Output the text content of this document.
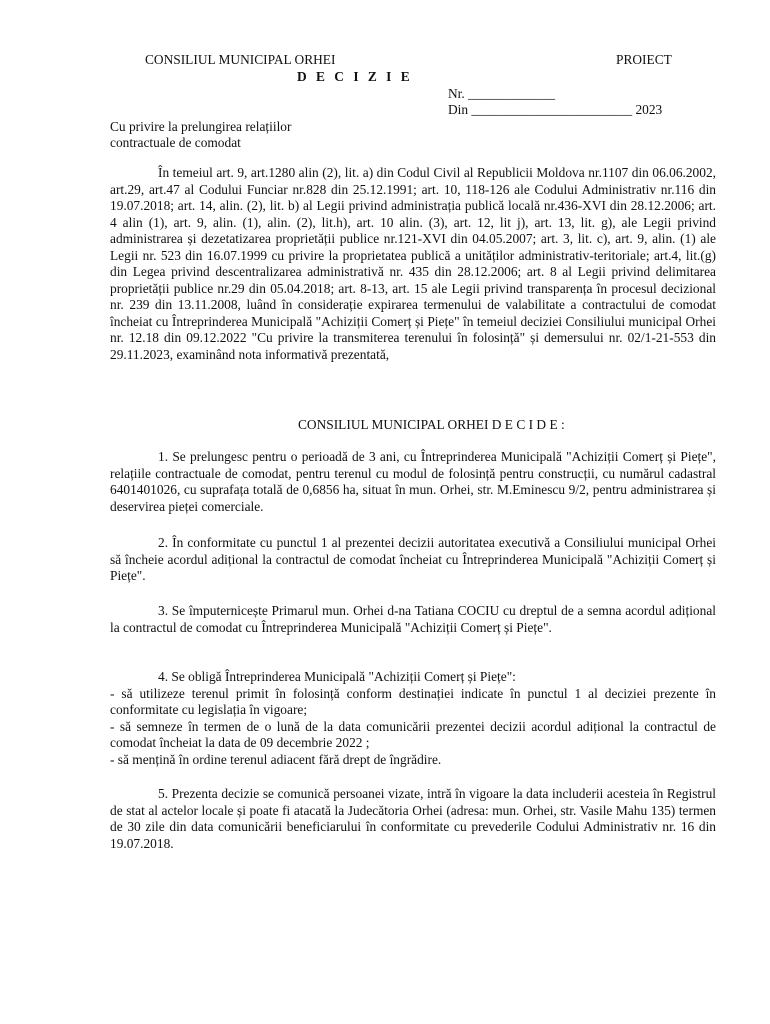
CONSILIUL MUNICIPAL ORHEI	PROIECT
D E C I Z I E
Nr. _____________
Din ________________________ 2023
Cu privire la prelungirea relațiilor
contractuale de comodat

În temeiul art. 9, art.1280 alin (2), lit. a) din Codul Civil al Republicii Moldova nr.1107 din 06.06.2002, art.29, art.47 al Codului Funciar nr.828 din 25.12.1991; art. 10, 118-126 ale Codului Administrativ nr.116 din 19.07.2018; art. 14, alin. (2), lit. b) al Legii privind administrația publică locală nr.436-XVI din 28.12.2006; art. 4 alin (1), art. 9, alin. (1), alin. (2), lit.h), art. 10 alin. (3), art. 12, lit j), art. 13, lit. g), ale Legii privind administrarea și dezetatizarea proprietății publice nr.121-XVI din 04.05.2007; art. 3, lit. c), art. 9, alin. (1) ale Legii nr. 523 din 16.07.1999 cu privire la proprietatea publică a unităților administrativ-teritoriale; art.4, lit.(g) din Legea privind descentralizarea administrativă nr. 435 din 28.12.2006; art. 8 al Legii privind delimitarea proprietății publice nr.29 din 05.04.2018; art. 8-13, art. 15 ale Legii privind transparența în procesul decizional nr. 239 din 13.11.2008, luând în considerație expirarea termenului de valabilitate a contractului de comodat încheiat cu Întreprinderea Municipală "Achiziții Comerț și Piețe" în temeiul deciziei Consiliului municipal Orhei nr. 12.18 din 09.12.2022 "Cu privire la transmiterea terenului în folosință" și demersului nr. 02/1-21-553 din 29.11.2023, examinând nota informativă prezentată,

CONSILIUL MUNICIPAL ORHEI D E C I D E :

1. Se prelungesc pentru o perioadă de 3 ani, cu Întreprinderea Municipală "Achiziții Comerț și Piețe", relațiile contractuale de comodat, pentru terenul cu modul de folosință pentru construcții, cu numărul cadastral 6401401026, cu suprafața totală de 0,6856 ha, situat în mun. Orhei, str. M.Eminescu 9/2, pentru administrarea și deservirea pieței comerciale.

2. În conformitate cu punctul 1 al prezentei decizii autoritatea executivă a Consiliului municipal Orhei să încheie acordul adițional la contractul de comodat încheiat cu Întreprinderea Municipală "Achiziții Comerț și Piețe".

3. Se împuternicește Primarul mun. Orhei d-na Tatiana COCIU cu dreptul de a semna acordul adițional la contractul de comodat cu Întreprinderea Municipală "Achiziții Comerț și Piețe".

4. Se obligă Întreprinderea Municipală "Achiziții Comerț și Piețe":

- să utilizeze terenul primit în folosință conform destinației indicate în punctul 1 al deciziei prezente în conformitate cu legislația în vigoare;

- să semneze în termen de o lună de la data comunicării prezentei decizii acordul adițional la contractul de comodat încheiat la data de 09 decembrie 2022 ;

- să mențină în ordine terenul adiacent fără drept de îngrădire.

5. Prezenta decizie se comunică persoanei vizate, intră în vigoare la data includerii acesteia în Registrul de stat al actelor locale și poate fi atacată la Judecătoria Orhei (adresa: mun. Orhei, str. Vasile Mahu 135) termen de 30 zile din data comunicării beneficiarului în conformitate cu prevederile Codului Administrativ nr. 16 din 19.07.2018.
